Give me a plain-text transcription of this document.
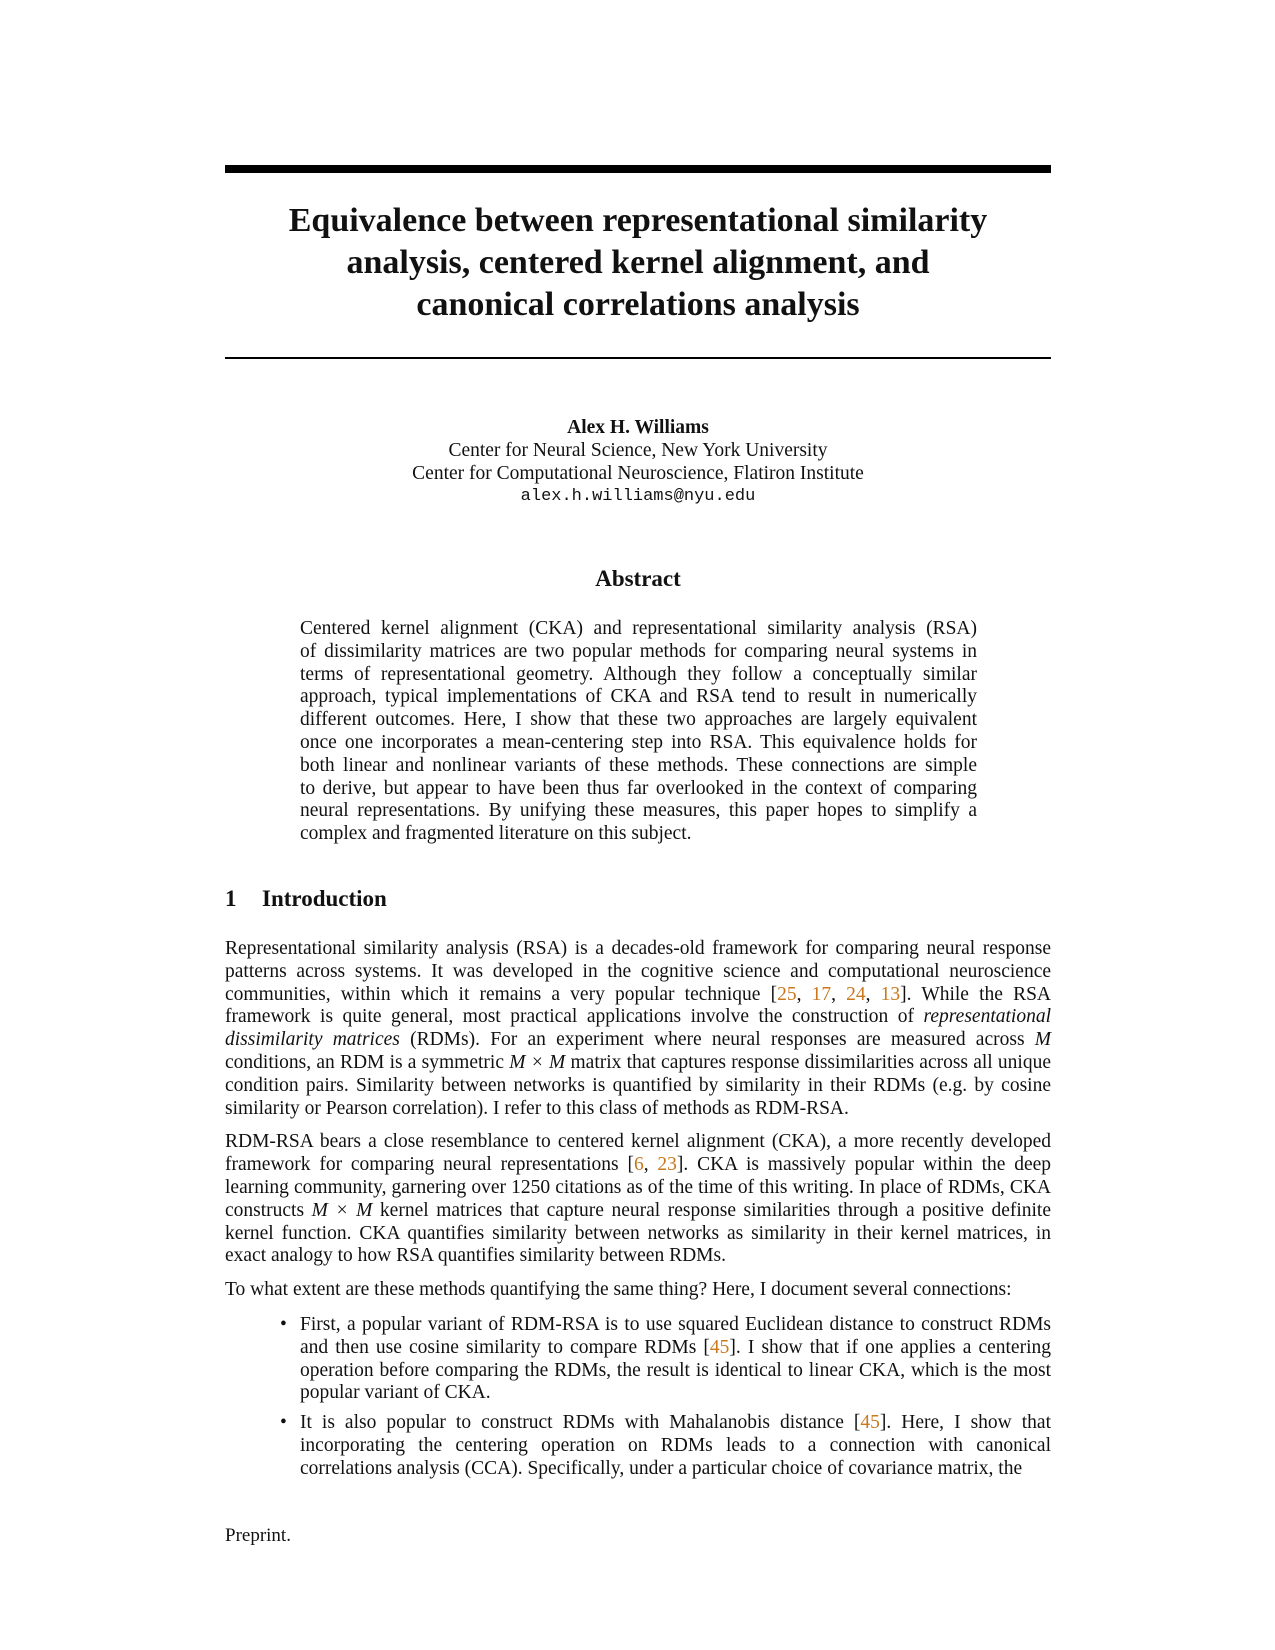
Equivalence between representational similarity
analysis, centered kernel alignment, and
canonical correlations analysis
Alex H. Williams
Center for Neural Science, New York University
Center for Computational Neuroscience, Flatiron Institute
alex.h.williams@nyu.edu
Abstract
Centered kernel alignment (CKA) and representational similarity analysis (RSA)
of dissimilarity matrices are two popular methods for comparing neural systems in
terms of representational geometry. Although they follow a conceptually similar
approach, typical implementations of CKA and RSA tend to result in numerically
different outcomes. Here, I show that these two approaches are largely equivalent
once one incorporates a mean-centering step into RSA. This equivalence holds for
both linear and nonlinear variants of these methods. These connections are simple
to derive, but appear to have been thus far overlooked in the context of comparing
neural representations. By unifying these measures, this paper hopes to simplify a
complex and fragmented literature on this subject.
1 Introduction

Representational similarity analysis (RSA) is a decades-old framework for comparing neural response patterns across systems. It was developed in the cognitive science and computational neuroscience communities, within which it remains a very popular technique [25, 17, 24, 13]. While the RSA framework is quite general, most practical applications involve the construction of representational dissimilarity matrices (RDMs). For an experiment where neural responses are measured across M conditions, an RDM is a symmetric M × M matrix that captures response dissimilarities across all unique condition pairs. Similarity between networks is quantified by similarity in their RDMs (e.g. by cosine similarity or Pearson correlation). I refer to this class of methods as RDM-RSA.

RDM-RSA bears a close resemblance to centered kernel alignment (CKA), a more recently developed framework for comparing neural representations [6, 23]. CKA is massively popular within the deep learning community, garnering over 1250 citations as of the time of this writing. In place of RDMs, CKA constructs M × M kernel matrices that capture neural response similarities through a positive definite kernel function. CKA quantifies similarity between networks as similarity in their kernel matrices, in exact analogy to how RSA quantifies similarity between RDMs.

To what extent are these methods quantifying the same thing? Here, I document several connections:

• First, a popular variant of RDM-RSA is to use squared Euclidean distance to construct RDMs and then use cosine similarity to compare RDMs [45]. I show that if one applies a centering operation before comparing the RDMs, the result is identical to linear CKA, which is the most popular variant of CKA.
• It is also popular to construct RDMs with Mahalanobis distance [45]. Here, I show that incorporating the centering operation on RDMs leads to a connection with canonical correlations analysis (CCA). Specifically, under a particular choice of covariance matrix, the
Preprint.
